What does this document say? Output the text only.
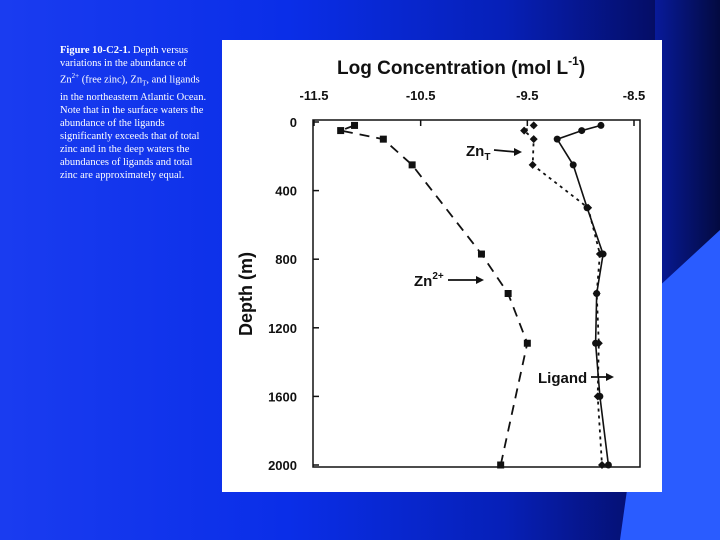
Figure 10-C2-1. Depth versus variations in the abundance of $Zn^{2+}$ (free zinc), $Zn_T$, and ligands in the northeastern Atlantic Ocean. Note that in the surface waters the abundance of the ligands significantly exceeds that of total zinc and in the deep waters the abundances of ligands and total zinc are approximately equal.
Log Concentration (mol $L^{-1}$)
Depth (m)
-11.5	-10.5	-9.5	-8.5
0
400
800
1200
1600
2000
$Zn_T$
$Zn^{2+}$
Ligand
